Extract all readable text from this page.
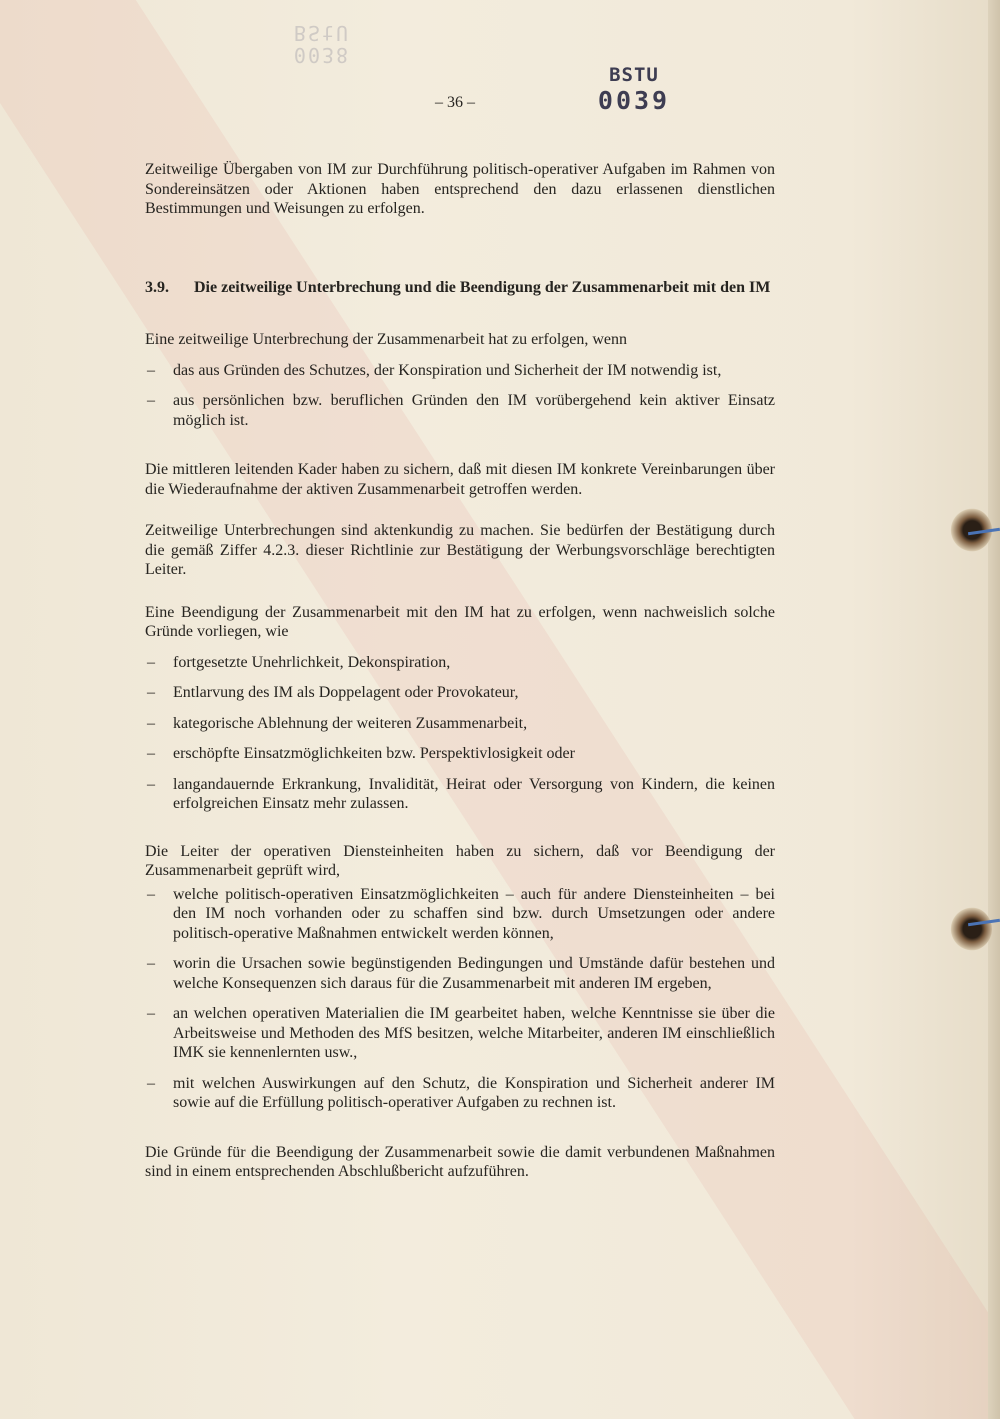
0038
BStU
BSTU
0039
– 36 –

Zeitweilige Übergaben von IM zur Durchführung politisch-operativer Aufgaben im Rahmen von Sondereinsätzen oder Aktionen haben entsprechend den dazu erlassenen dienstlichen Bestimmungen und Weisungen zu erfolgen.

3.9.	Die zeitweilige Unterbrechung und die Beendigung der Zusammenarbeit mit den IM

Eine zeitweilige Unterbrechung der Zusammenarbeit hat zu erfolgen, wenn

– das aus Gründen des Schutzes, der Konspiration und Sicherheit der IM notwendig ist,
– aus persönlichen bzw. beruflichen Gründen den IM vorübergehend kein aktiver Einsatz möglich ist.

Die mittleren leitenden Kader haben zu sichern, daß mit diesen IM konkrete Vereinbarungen über die Wiederaufnahme der aktiven Zusammenarbeit getroffen werden.

Zeitweilige Unterbrechungen sind aktenkundig zu machen. Sie bedürfen der Bestätigung durch die gemäß Ziffer 4.2.3. dieser Richtlinie zur Bestätigung der Werbungsvorschläge berechtigten Leiter.

Eine Beendigung der Zusammenarbeit mit den IM hat zu erfolgen, wenn nachweislich solche Gründe vorliegen, wie

– fortgesetzte Unehrlichkeit, Dekonspiration,
– Entlarvung des IM als Doppelagent oder Provokateur,
– kategorische Ablehnung der weiteren Zusammenarbeit,
– erschöpfte Einsatzmöglichkeiten bzw. Perspektivlosigkeit oder
– langandauernde Erkrankung, Invalidität, Heirat oder Versorgung von Kindern, die keinen erfolgreichen Einsatz mehr zulassen.

Die Leiter der operativen Diensteinheiten haben zu sichern, daß vor Beendigung der Zusammenarbeit geprüft wird,

– welche politisch-operativen Einsatzmöglichkeiten – auch für andere Diensteinheiten – bei den IM noch vorhanden oder zu schaffen sind bzw. durch Umsetzungen oder andere politisch-operative Maßnahmen entwickelt werden können,
– worin die Ursachen sowie begünstigenden Bedingungen und Umstände dafür bestehen und welche Konsequenzen sich daraus für die Zusammenarbeit mit anderen IM ergeben,
– an welchen operativen Materialien die IM gearbeitet haben, welche Kenntnisse sie über die Arbeitsweise und Methoden des MfS besitzen, welche Mitarbeiter, anderen IM einschließlich IMK sie kennenlernten usw.,
– mit welchen Auswirkungen auf den Schutz, die Konspiration und Sicherheit anderer IM sowie auf die Erfüllung politisch-operativer Aufgaben zu rechnen ist.

Die Gründe für die Beendigung der Zusammenarbeit sowie die damit verbundenen Maßnahmen sind in einem entsprechenden Abschlußbericht aufzuführen.
